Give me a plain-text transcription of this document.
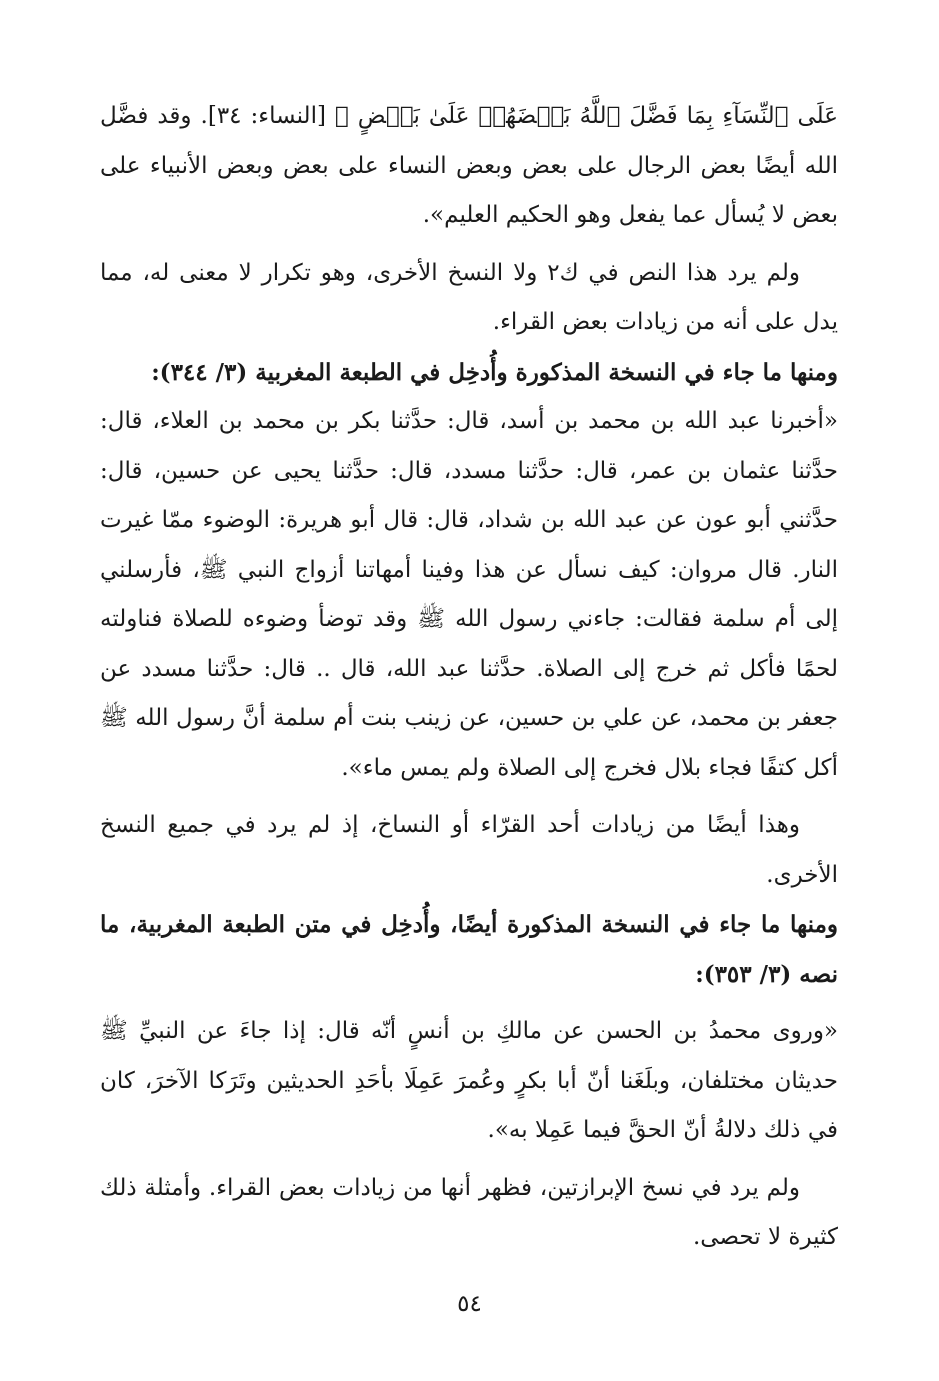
عَلَى ٱلنِّسَآءِ بِمَا فَضَّلَ ٱللَّهُ بَعۡضَهُمۡ عَلَىٰ بَعۡضٍ ﴾ [النساء: ٣٤]. وقد فضَّل الله أيضًا بعض الرجال على بعض وبعض النساء على بعض وبعض الأنبياء على بعض لا يُسأل عما يفعل وهو الحكيم العليم».

ولم يرد هذا النص في ك٢ ولا النسخ الأخرى، وهو تكرار لا معنى له، مما يدل على أنه من زيادات بعض القراء.

ومنها ما جاء في النسخة المذكورة وأُدخِل في الطبعة المغربية (٣/ ٣٤٤):

«أخبرنا عبد الله بن محمد بن أسد، قال: حدَّثنا بكر بن محمد بن العلاء، قال: حدَّثنا عثمان بن عمر، قال: حدَّثنا مسدد، قال: حدَّثنا يحيى عن حسين، قال: حدَّثني أبو عون عن عبد الله بن شداد، قال: قال أبو هريرة: الوضوء ممّا غيرت النار. قال مروان: كيف نسأل عن هذا وفينا أمهاتنا أزواج النبي ﷺ، فأرسلني إلى أم سلمة فقالت: جاءني رسول الله ﷺ وقد توضأ وضوءه للصلاة فناولته لحمًا فأكل ثم خرج إلى الصلاة. حدَّثنا عبد الله، قال .. قال: حدَّثنا مسدد عن جعفر بن محمد، عن علي بن حسين، عن زينب بنت أم سلمة أنَّ رسول الله ﷺ أكل كتفًا فجاء بلال فخرج إلى الصلاة ولم يمس ماء».

وهذا أيضًا من زيادات أحد القرّاء أو النساخ، إذ لم يرد في جميع النسخ الأخرى.

ومنها ما جاء في النسخة المذكورة أيضًا، وأُدخِل في متن الطبعة المغربية، ما نصه (٣/ ٣٥٣):

«وروى محمدُ بن الحسن عن مالكِ بن أنسٍ أنّه قال: إذا جاءَ عن النبيِّ ﷺ حديثان مختلفان، وبلَغَنا أنّ أبا بكرٍ وعُمرَ عَمِلَا بأحَدِ الحديثين وتَرَكا الآخرَ، كان في ذلك دلالةُ أنّ الحقَّ فيما عَمِلا به».

ولم يرد في نسخ الإبرازتين، فظهر أنها من زيادات بعض القراء. وأمثلة ذلك كثيرة لا تحصى.

٥٤
